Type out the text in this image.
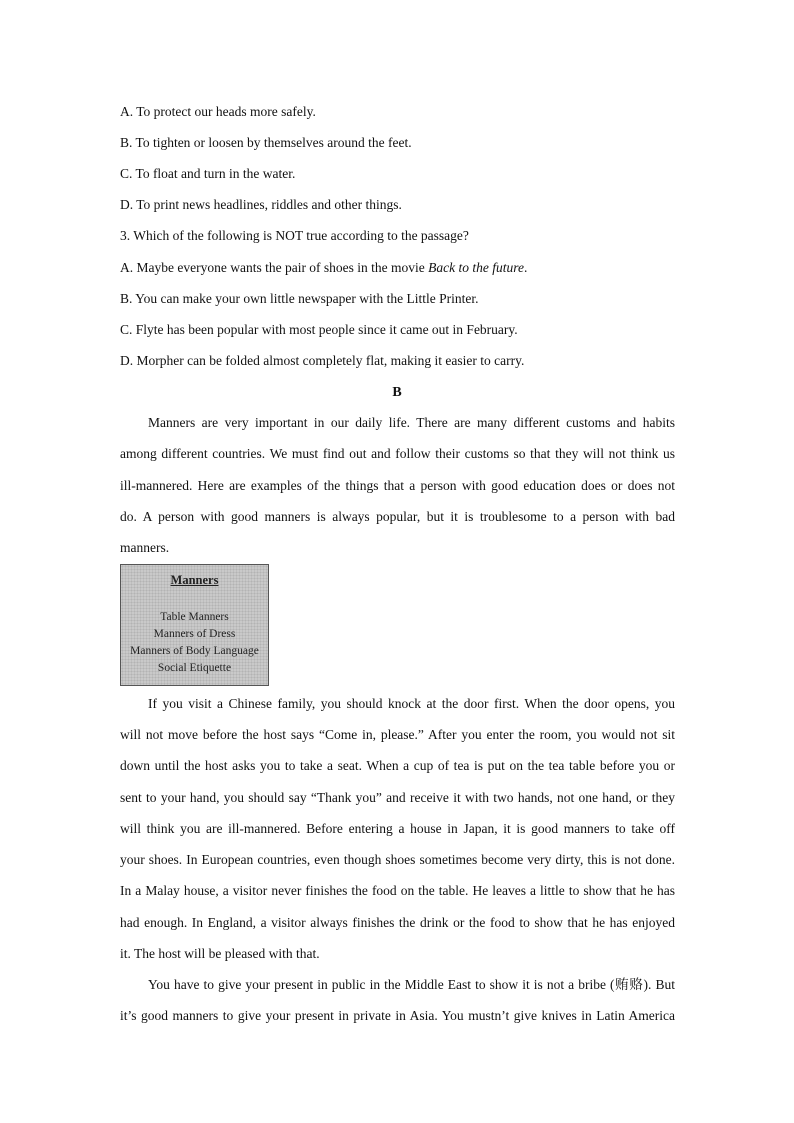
A. To protect our heads more safely.
B. To tighten or loosen by themselves around the feet.
C. To float and turn in the water.
D. To print news headlines, riddles and other things.
3. Which of the following is NOT true according to the passage?
A. Maybe everyone wants the pair of shoes in the movie Back to the future.
B. You can make your own little newspaper with the Little Printer.
C. Flyte has been popular with most people since it came out in February.
D. Morpher can be folded almost completely flat, making it easier to carry.
B
Manners are very important in our daily life. There are many different customs and habits
among different countries. We must find out and follow their customs so that they will not think us
ill-mannered. Here are examples of the things that a person with good education does or does not
do. A person with good manners is always popular, but it is troublesome to a person with bad
manners.
Manners
Table Manners
Manners of Dress
Manners of Body Language
Social Etiquette
If you visit a Chinese family, you should knock at the door first. When the door opens, you
will not move before the host says “Come in, please.” After you enter the room, you would not sit
down until the host asks you to take a seat. When a cup of tea is put on the tea table before you or
sent to your hand, you should say “Thank you” and receive it with two hands, not one hand, or they
will think you are ill-mannered. Before entering a house in Japan, it is good manners to take off
your shoes. In European countries, even though shoes sometimes become very dirty, this is not done.
In a Malay house, a visitor never finishes the food on the table. He leaves a little to show that he has
had enough. In England, a visitor always finishes the drink or the food to show that he has enjoyed
it. The host will be pleased with that.
You have to give your present in public in the Middle East to show it is not a bribe (贿赂). But
it’s good manners to give your present in private in Asia. You mustn’t give knives in Latin America
